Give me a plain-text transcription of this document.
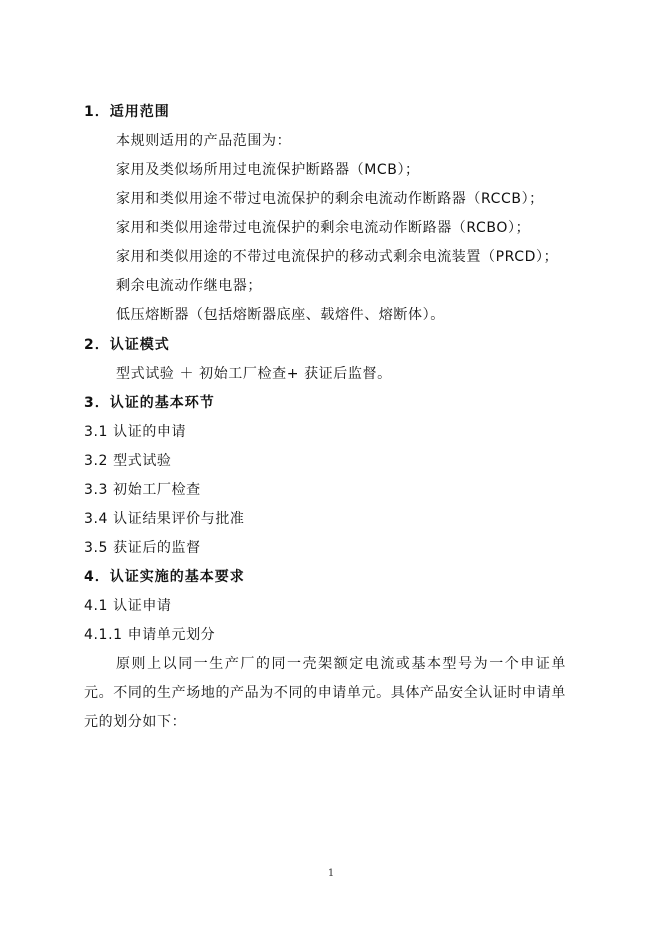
1．适用范围
本规则适用的产品范围为：
家用及类似场所用过电流保护断路器（MCB）；
家用和类似用途不带过电流保护的剩余电流动作断路器（RCCB）；
家用和类似用途带过电流保护的剩余电流动作断路器（RCBO）；
家用和类似用途的不带过电流保护的移动式剩余电流装置（PRCD）；
剩余电流动作继电器；
低压熔断器（包括熔断器底座、载熔件、熔断体）。
2．认证模式
型式试验 ＋ 初始工厂检查+ 获证后监督。
3．认证的基本环节
3.1 认证的申请
3.2 型式试验
3.3 初始工厂检查
3.4 认证结果评价与批准
3.5 获证后的监督
4．认证实施的基本要求
4.1 认证申请
4.1.1 申请单元划分
原则上以同一生产厂的同一壳架额定电流或基本型号为一个申证单元。不同的生产场地的产品为不同的申请单元。具体产品安全认证时申请单元的划分如下：
1
